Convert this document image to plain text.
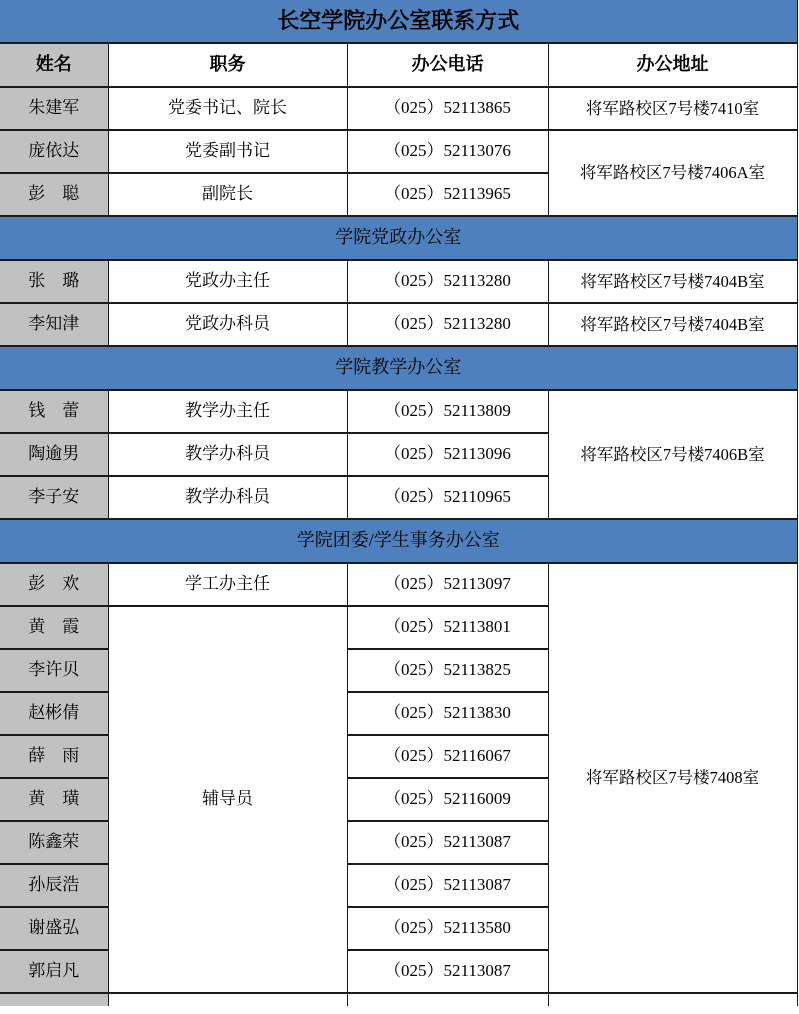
长空学院办公室联系方式			
姓名	职务	办公电话	办公地址
朱建军	党委书记、院长	（025）52113865	将军路校区7号楼7410室
庞依达	党委副书记	（025）52113076	将军路校区7号楼7406A室
彭　聪	副院长	（025）52113965	
学院党政办公室			
张　璐	党政办主任	（025）52113280	将军路校区7号楼7404B室
李知津	党政办科员	（025）52113280	将军路校区7号楼7404B室
学院教学办公室			
钱　蕾	教学办主任	（025）52113809	将军路校区7号楼7406B室
陶逾男	教学办科员	（025）52113096	
李子安	教学办科员	（025）52110965	
学院团委/学生事务办公室			
彭　欢	学工办主任	（025）52113097	将军路校区7号楼7408室
黄　霞	辅导员	（025）52113801	
李许贝		（025）52113825	
赵彬倩		（025）52113830	
薛　雨		（025）52116067	
黄　璜		（025）52116009	
陈鑫荣		（025）52113087	
孙辰浩		（025）52113087	
谢盛弘		（025）52113580	
郭启凡		（025）52113087	
